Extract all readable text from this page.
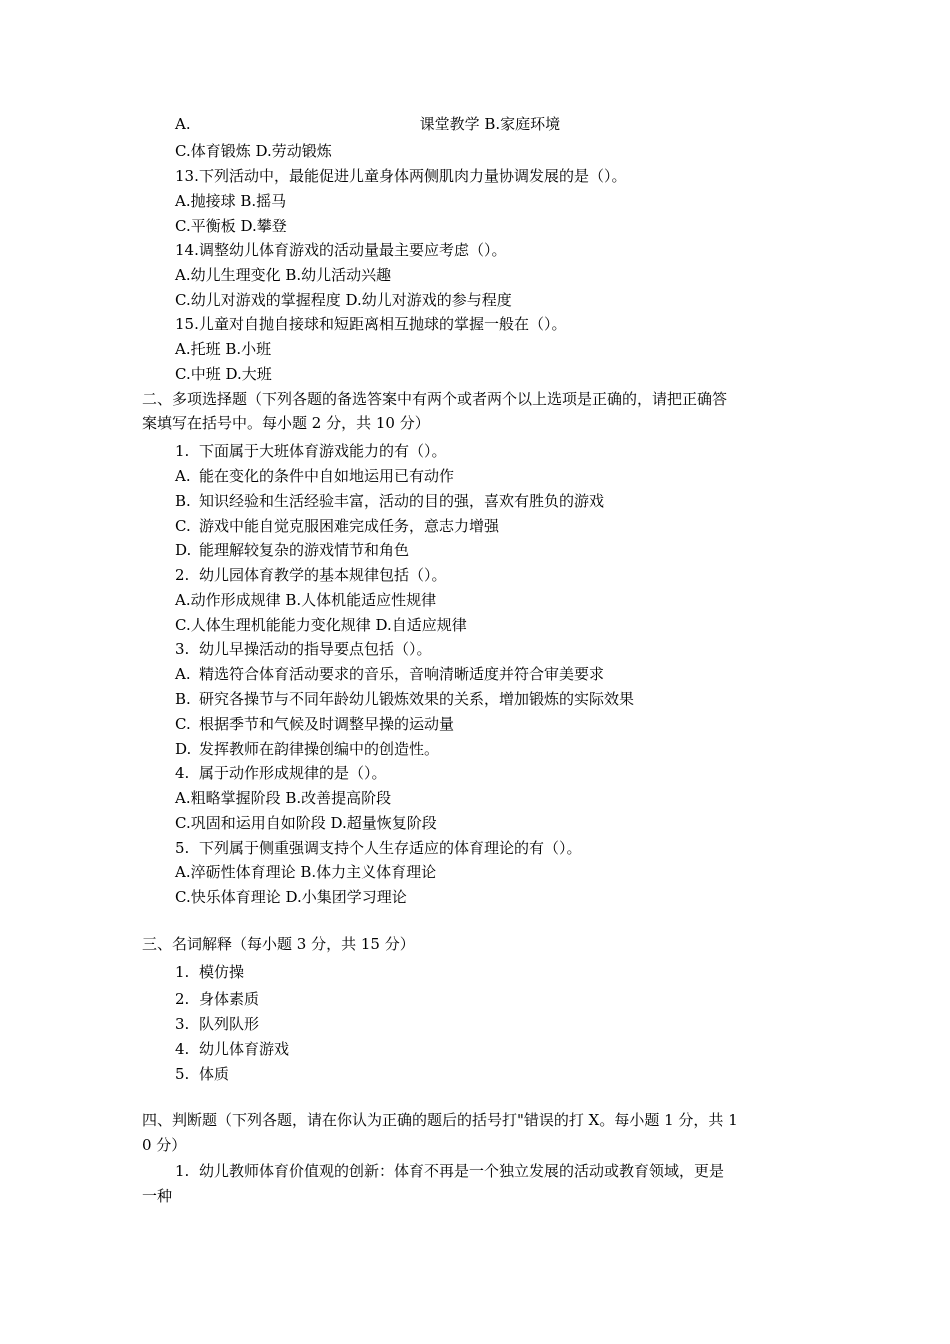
A.	课堂教学 B.家庭环境
C.体育锻炼 D.劳动锻炼
13.下列活动中，最能促进儿童身体两侧肌肉力量协调发展的是（）。
A.抛接球 B.摇马
C.平衡板 D.攀登
14.调整幼儿体育游戏的活动量最主要应考虑（）。
A.幼儿生理变化 B.幼儿活动兴趣
C.幼儿对游戏的掌握程度 D.幼儿对游戏的参与程度
15.儿童对自抛自接球和短距离相互抛球的掌握一般在（）。
A.托班 B.小班
C.中班 D.大班
二、多项选择题（下列各题的备选答案中有两个或者两个以上选项是正确的，请把正确答
案填写在括号中。每小题 2 分，共 10 分）
1. 下面属于大班体育游戏能力的有（）。
A. 能在变化的条件中自如地运用已有动作
B. 知识经验和生活经验丰富，活动的目的强，喜欢有胜负的游戏
C. 游戏中能自觉克服困难完成任务，意志力增强
D. 能理解较复杂的游戏情节和角色
2. 幼儿园体育教学的基本规律包括（）。
A.动作形成规律 B.人体机能适应性规律
C.人体生理机能能力变化规律 D.自适应规律
3. 幼儿早操活动的指导要点包括（）。
A. 精选符合体育活动要求的音乐，音响清晰适度并符合审美要求
B. 研究各操节与不同年龄幼儿锻炼效果的关系，增加锻炼的实际效果
C. 根据季节和气候及时调整早操的运动量
D. 发挥教师在韵律操创编中的创造性。
4. 属于动作形成规律的是（）。
A.粗略掌握阶段 B.改善提高阶段
C.巩固和运用自如阶段 D.超量恢复阶段
5. 下列属于侧重强调支持个人生存适应的体育理论的有（）。
A.淬砺性体育理论 B.体力主义体育理论
C.快乐体育理论 D.小集团学习理论
三、名词解释（每小题 3 分，共 15 分）
1. 模仿操
2. 身体素质
3. 队列队形
4. 幼儿体育游戏
5. 体质
四、判断题（下列各题，请在你认为正确的题后的括号打"错误的打 X。每小题 1 分，共 1
0 分）
1. 幼儿教师体育价值观的创新：体育不再是一个独立发展的活动或教育领域，更是
一种
